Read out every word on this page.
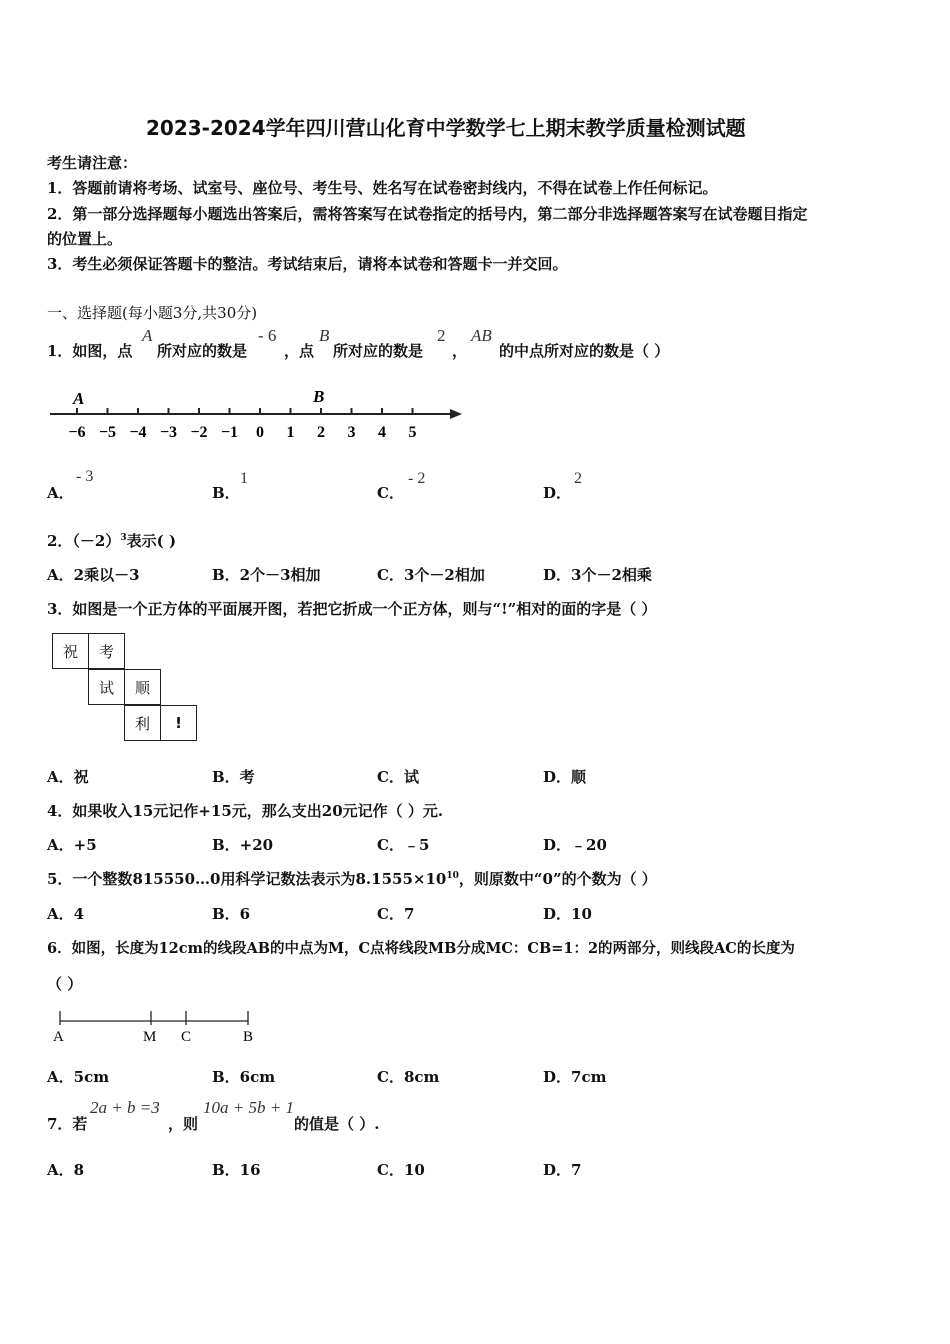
2023-2024学年四川营山化育中学数学七上期末教学质量检测试题
考生请注意：
1．答题前请将考场、试室号、座位号、考生号、姓名写在试卷密封线内，不得在试卷上作任何标记。
2．第一部分选择题每小题选出答案后，需将答案写在试卷指定的括号内，第二部分非选择题答案写在试卷题目指定
的位置上。
3．考生必须保证答题卡的整洁。考试结束后，请将本试卷和答题卡一并交回。
一、选择题(每小题3分,共30分)
1．如图，点
A
所对应的数是
- 6
，点
B
所对应的数是
2
，
AB
的中点所对应的数是（ ）
−6 −5 −4 −3 −2 −1 0 1 2 3 4 5
A	B
A．
- 3
B．
1
C．
- 2
D．
2
2．$(-2)^3$表示( )
A．2乘以－3	B．2个－3相加	C．3个－2相加	D．3个－2相乘
3．如图是一个正方体的平面展开图，若把它折成一个正方体，则与“!”相对的面的字是（ ）
祝	考
试	顺
利	!
A．祝	B．考	C．试	D．顺
4．如果收入15元记作+15元，那么支出20元记作（ ）元.
A．+5	B．+20	C．﹣5	D．﹣20
5．一个整数815550…0用科学记数法表示为$8.1555\times 10^{10}$，则原数中“0”的个数为（ ）
A．4	B．6	C．7	D．10
6．如图，长度为12cm的线段AB的中点为M，C点将线段MB分成MC：CB=1：2的两部分，则线段AC的长度为
（ ）
A	M C	B
A．5cm	B．6cm	C．8cm	D．7cm
7．若
2a + b =3
，则
10a + 5b + 1
的值是（ ）.
A．8	B．16	C．10	D．7
